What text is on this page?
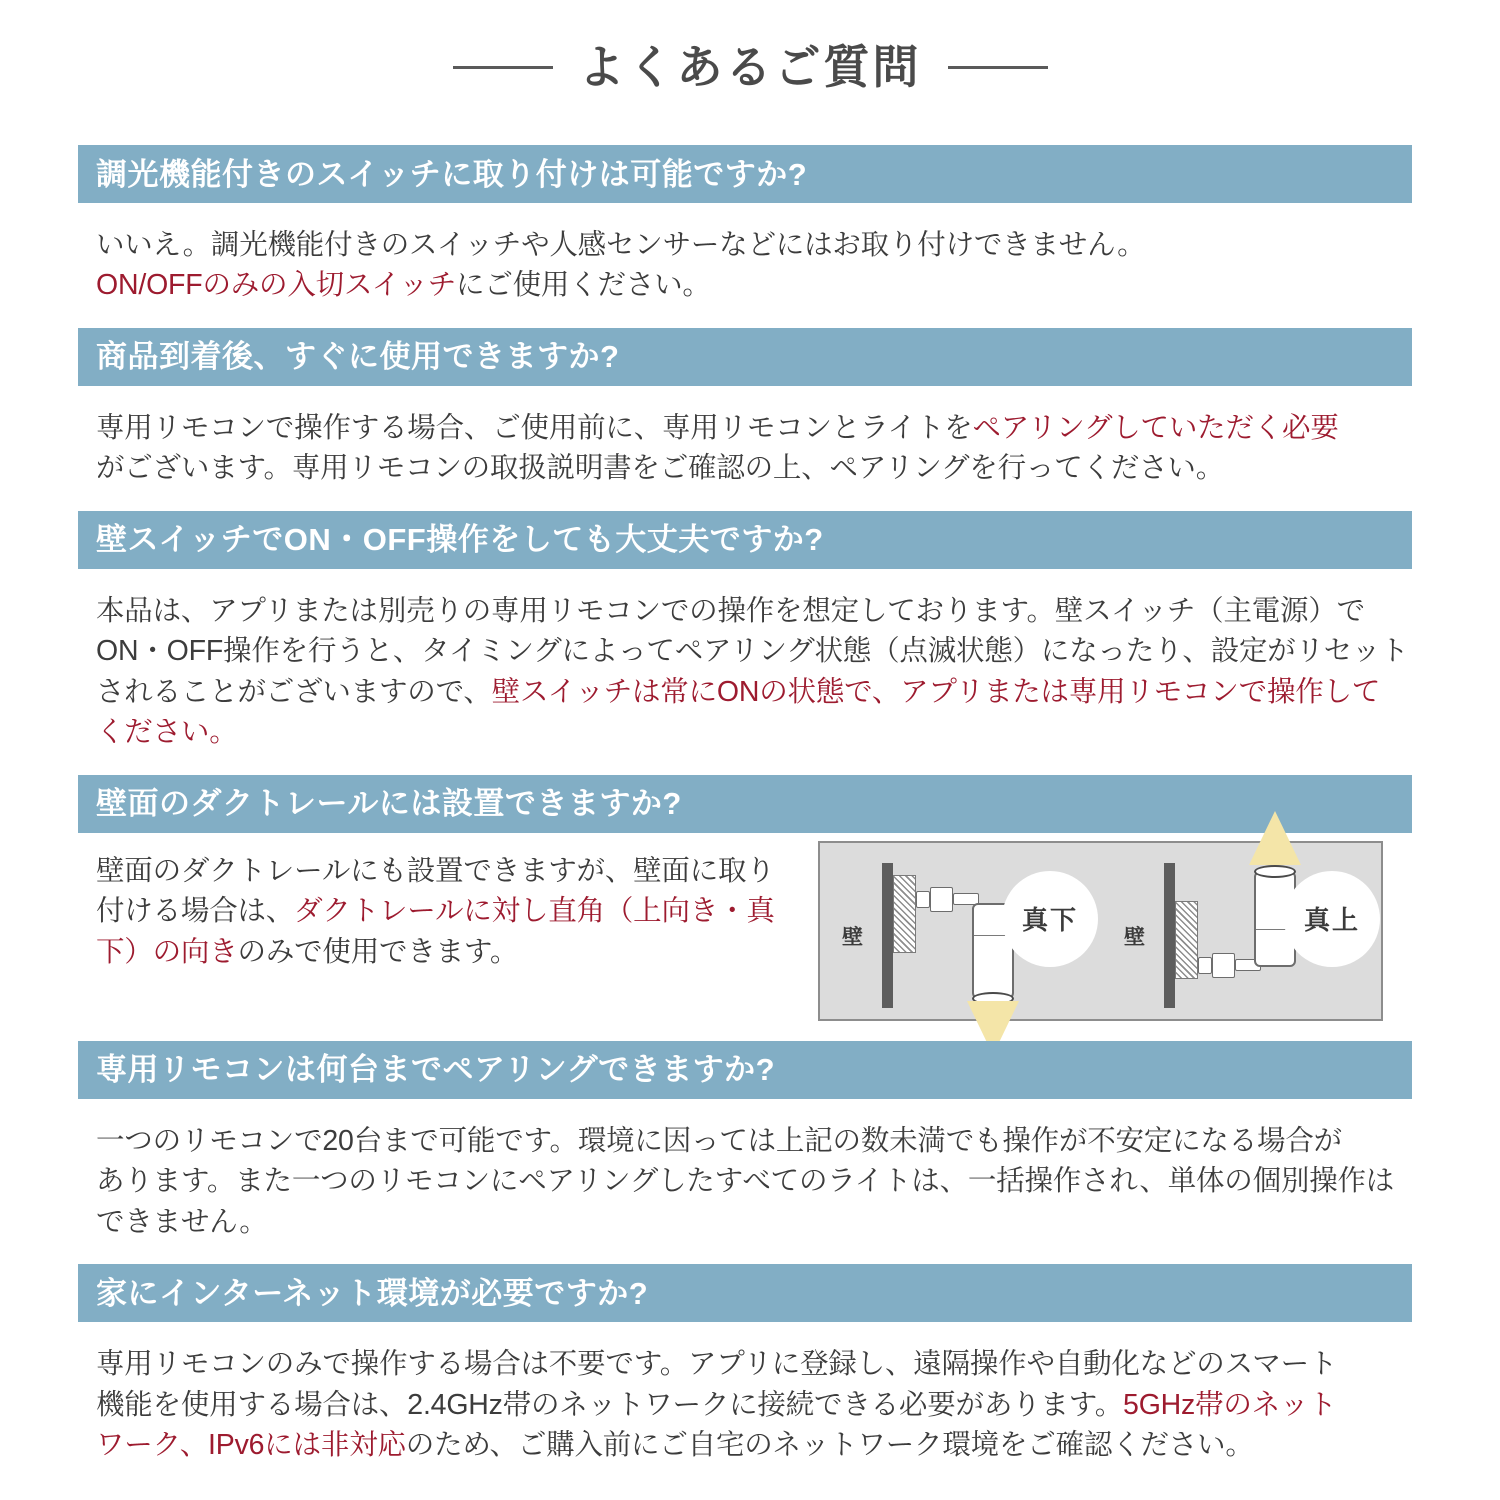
よくあるご質問
調光機能付きのスイッチに取り付けは可能ですか?
いいえ。調光機能付きのスイッチや人感センサーなどにはお取り付けできません。
ON/OFFのみの入切スイッチにご使用ください。
商品到着後、すぐに使用できますか?
専用リモコンで操作する場合、ご使用前に、専用リモコンとライトをペアリングしていただく必要
がございます。専用リモコンの取扱説明書をご確認の上、ペアリングを行ってください。
壁スイッチでON・OFF操作をしても大丈夫ですか?
本品は、アプリまたは別売りの専用リモコンでの操作を想定しております。壁スイッチ（主電源）で
ON・OFF操作を行うと、タイミングによってペアリング状態（点滅状態）になったり、設定がリセット
されることがございますので、壁スイッチは常にONの状態で、アプリまたは専用リモコンで操作して
ください。
壁面のダクトレールには設置できますか?
壁面のダクトレールにも設置できますが、壁面に取り
付ける場合は、ダクトレールに対し直角（上向き・真
下）の向きのみで使用できます。	壁
真下
壁
真上
専用リモコンは何台までペアリングできますか?
一つのリモコンで20台まで可能です。環境に因っては上記の数未満でも操作が不安定になる場合が
あります。また一つのリモコンにペアリングしたすべてのライトは、一括操作され、単体の個別操作は
できません。
家にインターネット環境が必要ですか?
専用リモコンのみで操作する場合は不要です。アプリに登録し、遠隔操作や自動化などのスマート
機能を使用する場合は、2.4GHz帯のネットワークに接続できる必要があります。5GHz帯のネット
ワーク、IPv6には非対応のため、ご購入前にご自宅のネットワーク環境をご確認ください。
